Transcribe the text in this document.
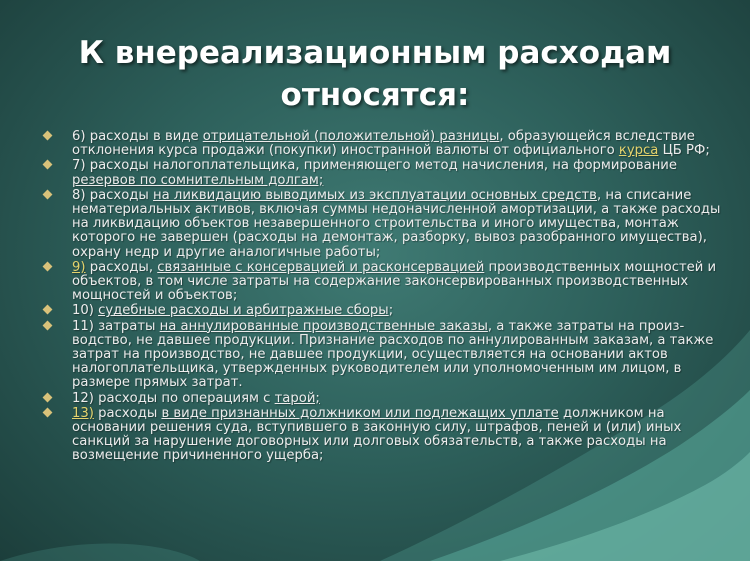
К внереализационным расходам
относятся:
6) расходы в виде отрицательной (положительной) разницы, образующейся вследствие отклонения курса продажи (покупки) иностранной валюты от официального курса ЦБ РФ;
7) расходы налогоплательщика, применяющего метод начисления, на формирование резервов по сомнительным долгам;
8) расходы на ликвидацию выводимых из эксплуатации основных средств, на списание нематериальных активов, включая суммы недоначисленной амортизации, а также расходы на ликвидацию объектов незавершенного строительства и иного имущества, монтаж которого не завершен (расходы на демонтаж, разборку, вывоз разобранного имущества), охрану недр и другие аналогичные работы;
9) расходы, связанные с консервацией и расконсервацией производственных мощностей и объектов, в том числе затраты на содержание законсервированных производственных мощностей и объектов;
10) судебные расходы и арбитражные сборы;
11) затраты на аннулированные производственные заказы, а также затраты на произ-водство, не давшее продукции. Признание расходов по аннулированным заказам, а также затрат на производство, не давшее продукции, осуществляется на основании актов налогоплательщика, утвержденных руководителем или уполномоченным им лицом, в размере прямых затрат.
12) расходы по операциям с тарой;
13) расходы в виде признанных должником или подлежащих уплате должником на основании решения суда, вступившего в законную силу, штрафов, пеней и (или) иных санкций за нарушение договорных или долговых обязательств, а также расходы на возмещение причиненного ущерба;
